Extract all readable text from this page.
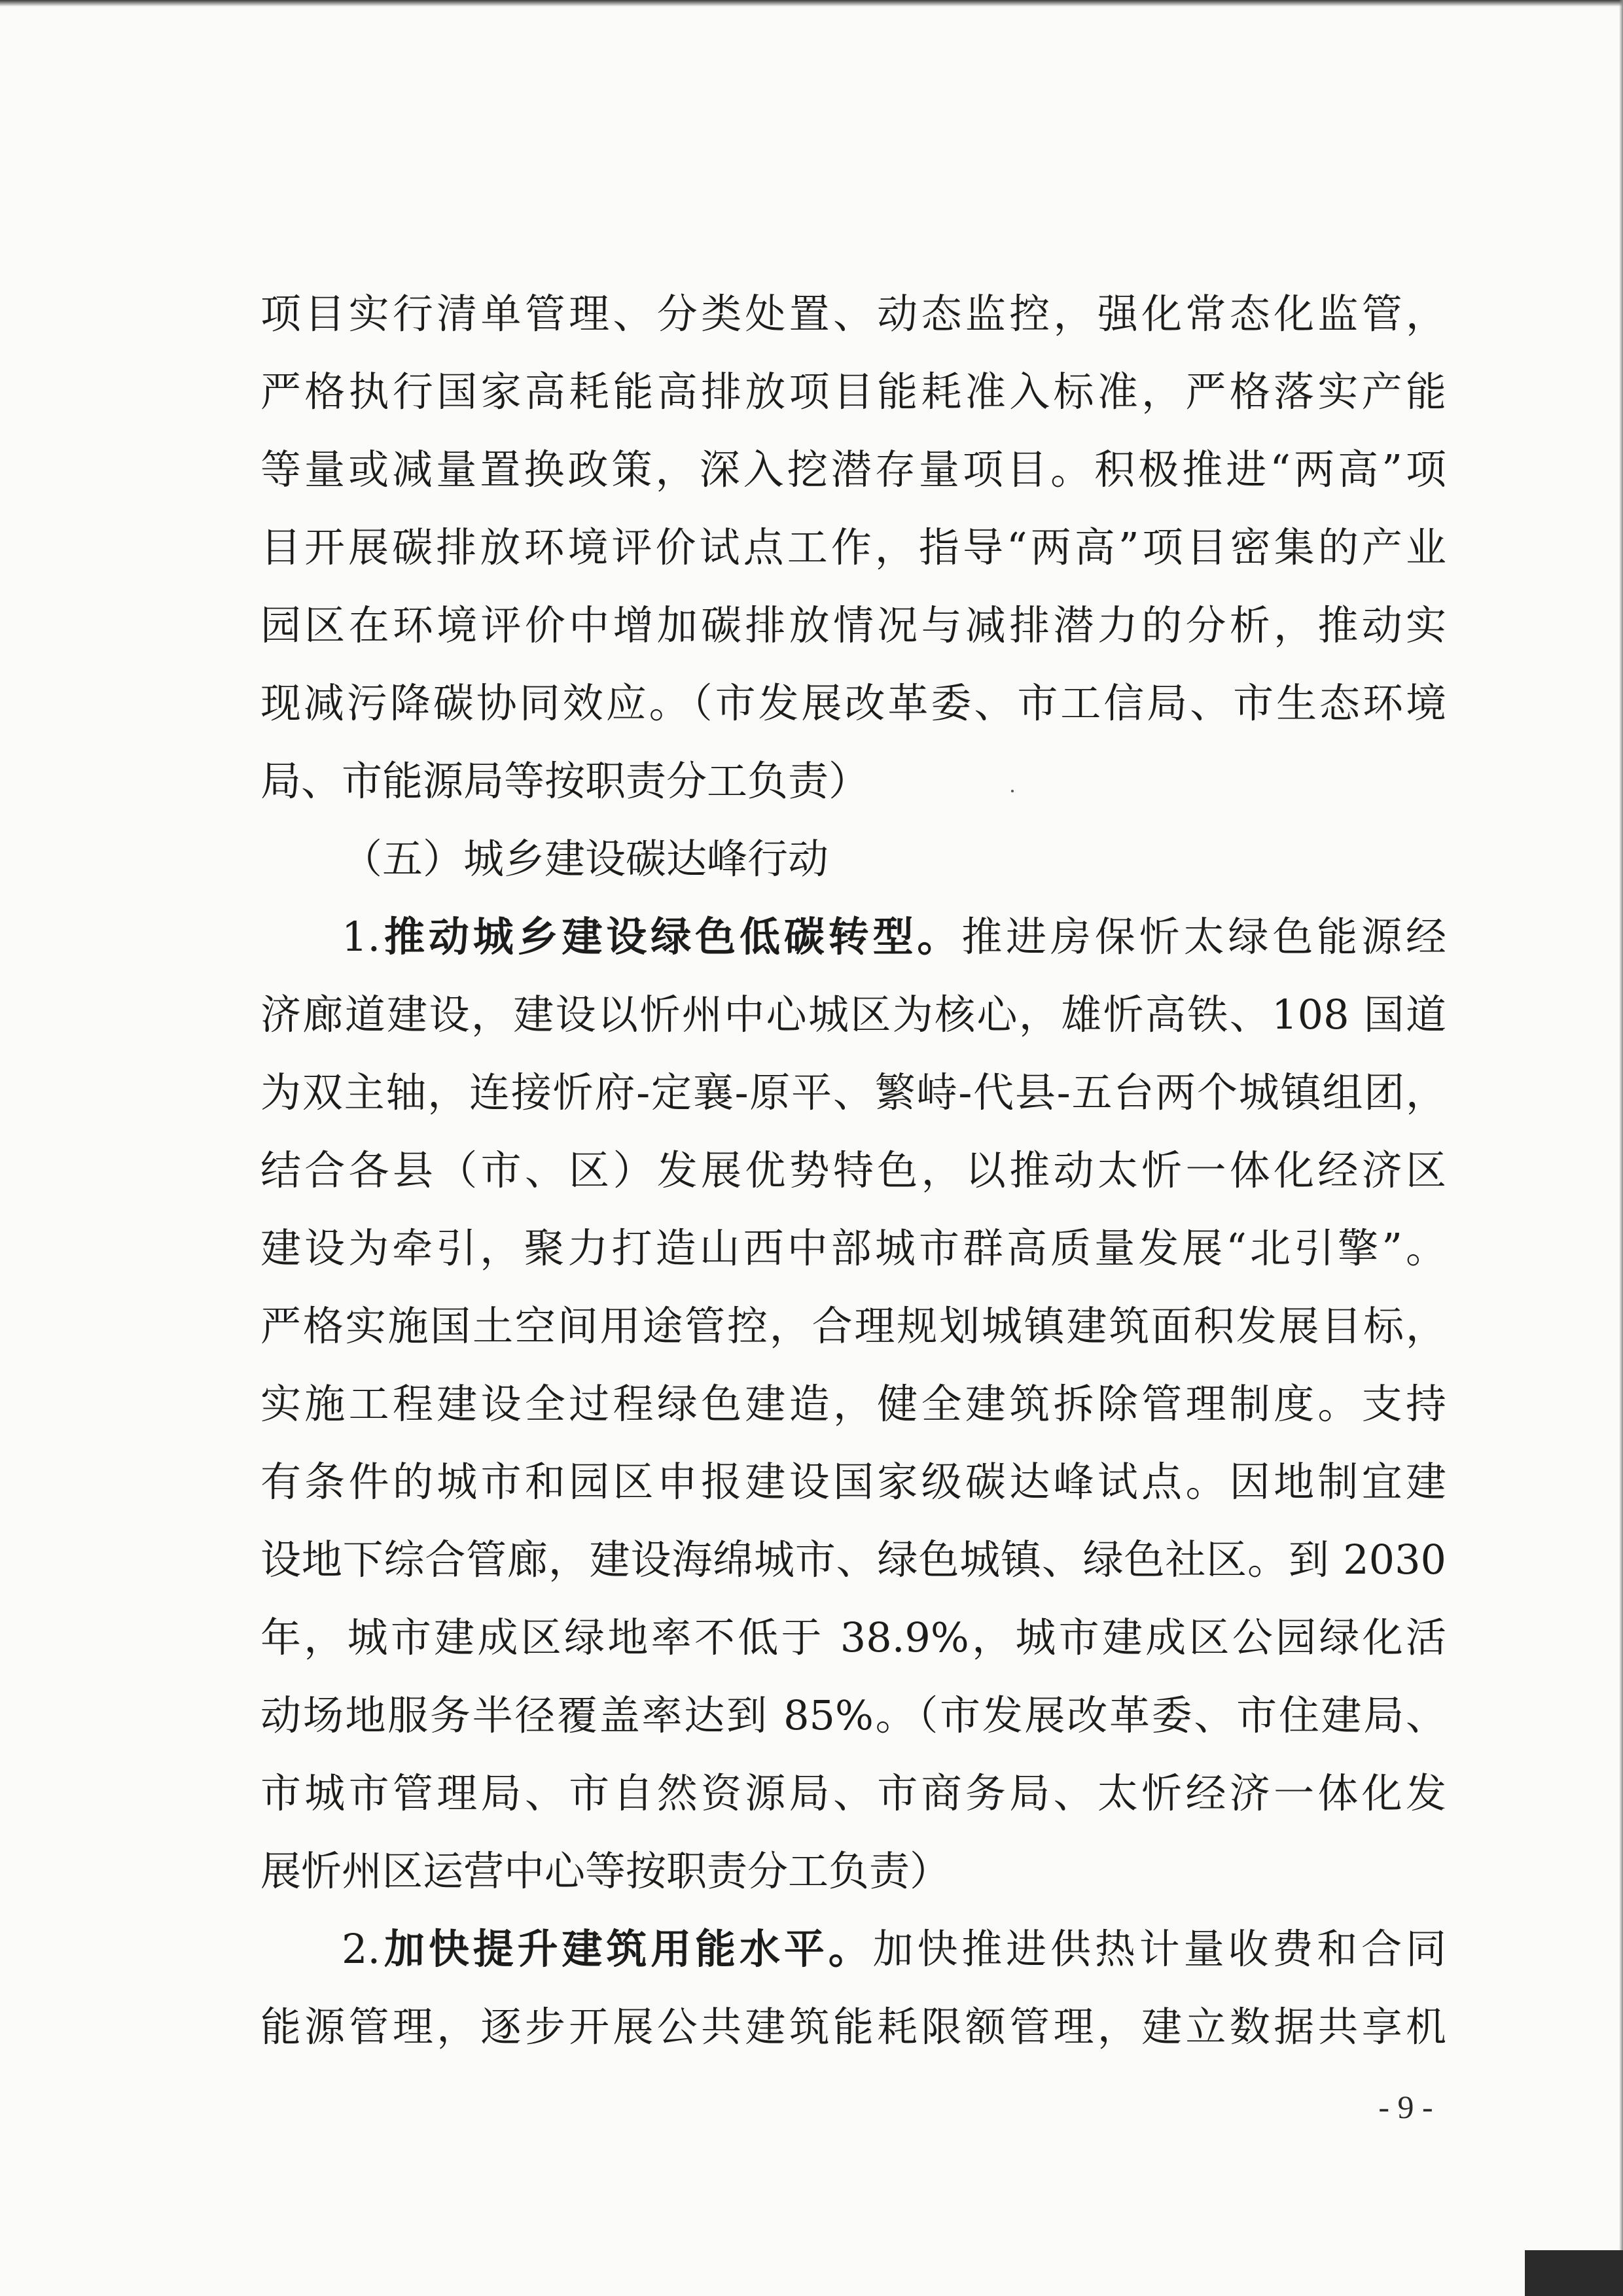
项目实行清单管理、分类处置、动态监控，强化常态化监管，
严格执行国家高耗能高排放项目能耗准入标准，严格落实产能
等量或减量置换政策，深入挖潜存量项目。积极推进“两高”项
目开展碳排放环境评价试点工作，指导“两高”项目密集的产业
园区在环境评价中增加碳排放情况与减排潜力的分析，推动实
现减污降碳协同效应。（市发展改革委、市工信局、市生态环境
局、市能源局等按职责分工负责）
（五）城乡建设碳达峰行动
1.推动城乡建设绿色低碳转型。推进房保忻太绿色能源经
济廊道建设，建设以忻州中心城区为核心，雄忻高铁、108 国道
为双主轴，连接忻府-定襄-原平、繁峙-代县-五台两个城镇组团，
结合各县（市、区）发展优势特色，以推动太忻一体化经济区
建设为牵引，聚力打造山西中部城市群高质量发展“北引擎”。
严格实施国土空间用途管控，合理规划城镇建筑面积发展目标，
实施工程建设全过程绿色建造，健全建筑拆除管理制度。支持
有条件的城市和园区申报建设国家级碳达峰试点。因地制宜建
设地下综合管廊，建设海绵城市、绿色城镇、绿色社区。到 2030
年，城市建成区绿地率不低于 38.9%，城市建成区公园绿化活
动场地服务半径覆盖率达到 85%。（市发展改革委、市住建局、
市城市管理局、市自然资源局、市商务局、太忻经济一体化发
展忻州区运营中心等按职责分工负责）
2.加快提升建筑用能水平。加快推进供热计量收费和合同
能源管理，逐步开展公共建筑能耗限额管理，建立数据共享机
- 9 -
